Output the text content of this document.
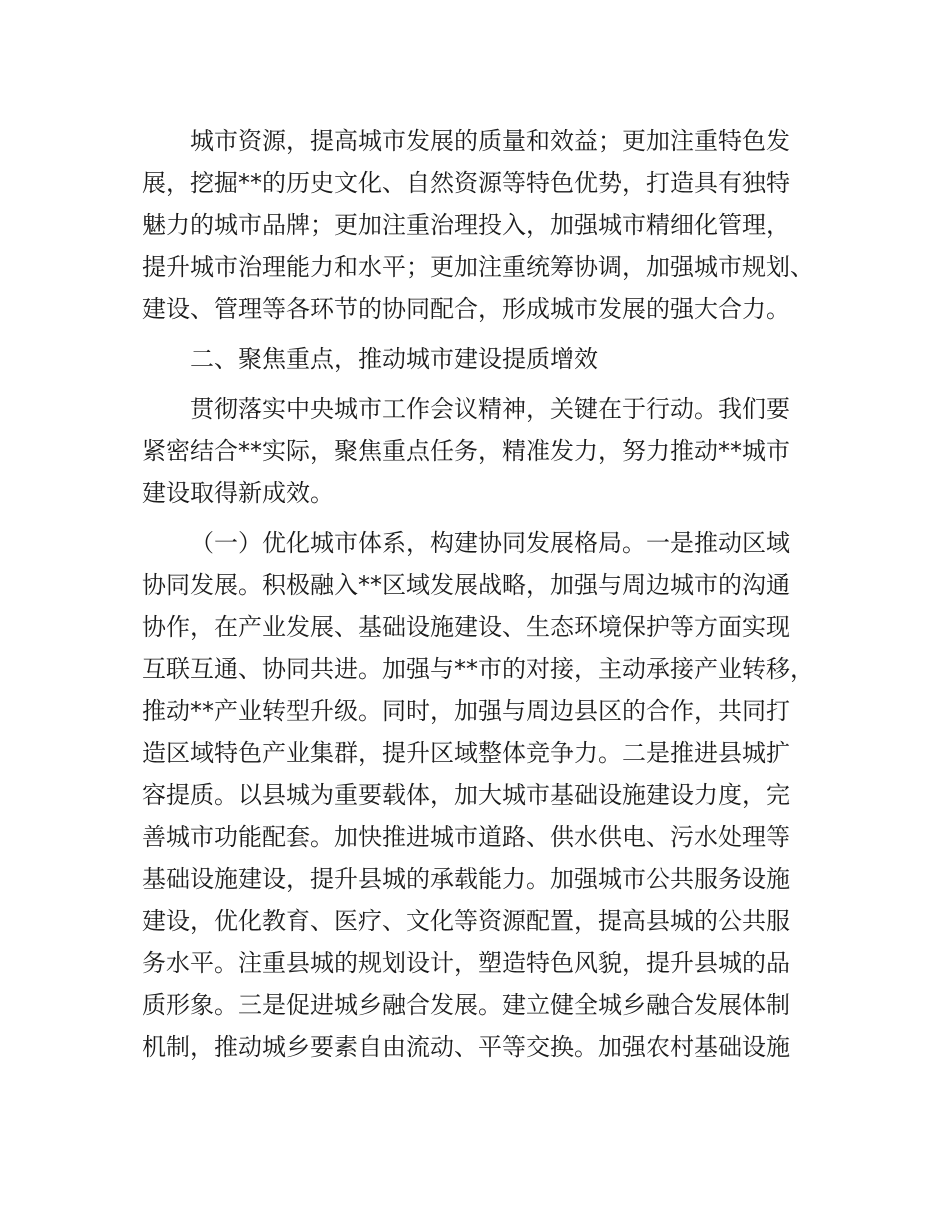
城市资源，提高城市发展的质量和效益；更加注重特色发
展，挖掘**的历史文化、自然资源等特色优势，打造具有独特
魅力的城市品牌；更加注重治理投入，加强城市精细化管理，
提升城市治理能力和水平；更加注重统筹协调，加强城市规划、
建设、管理等各环节的协同配合，形成城市发展的强大合力。
二、聚焦重点，推动城市建设提质增效
贯彻落实中央城市工作会议精神，关键在于行动。我们要
紧密结合**实际，聚焦重点任务，精准发力，努力推动**城市
建设取得新成效。
（一）优化城市体系，构建协同发展格局。一是推动区域
协同发展。积极融入**区域发展战略，加强与周边城市的沟通
协作，在产业发展、基础设施建设、生态环境保护等方面实现
互联互通、协同共进。加强与**市的对接，主动承接产业转移，
推动**产业转型升级。同时，加强与周边县区的合作，共同打
造区域特色产业集群，提升区域整体竞争力。二是推进县城扩
容提质。以县城为重要载体，加大城市基础设施建设力度，完
善城市功能配套。加快推进城市道路、供水供电、污水处理等
基础设施建设，提升县城的承载能力。加强城市公共服务设施
建设，优化教育、医疗、文化等资源配置，提高县城的公共服
务水平。注重县城的规划设计，塑造特色风貌，提升县城的品
质形象。三是促进城乡融合发展。建立健全城乡融合发展体制
机制，推动城乡要素自由流动、平等交换。加强农村基础设施
